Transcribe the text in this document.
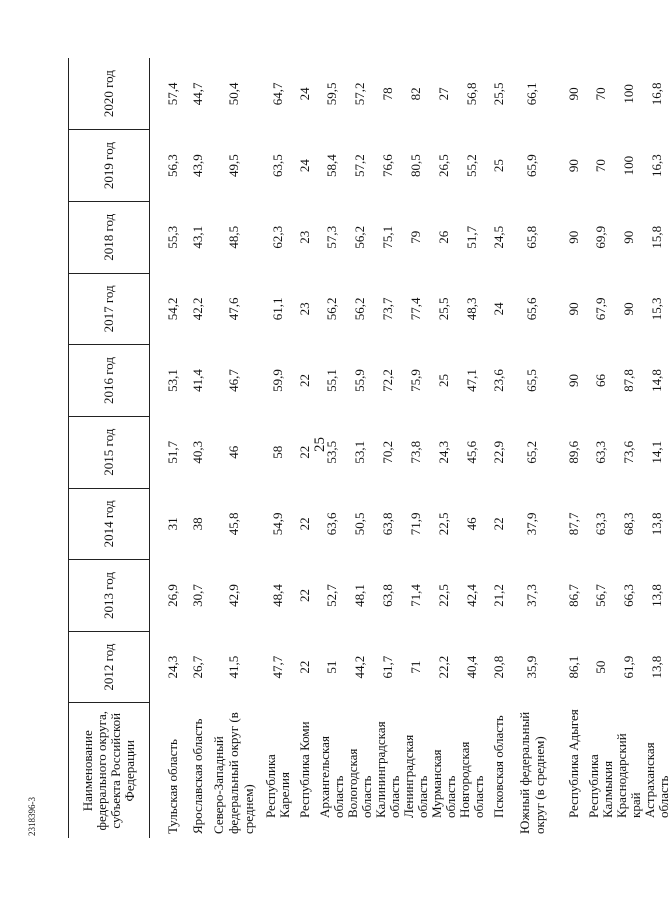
25
2318396-3
Наименование федерального округа, субъекта Российской Федерации	2012 год	2013 год	2014 год	2015 год	2016 год	2017 год	2018 год	2019 год	2020 год

Тульская область	24,3	26,9	31	51,7	53,1	54,2	55,3	56,3	57,4
Ярославская область	26,7	30,7	38	40,3	41,4	42,2	43,1	43,9	44,7
Северо-Западный федеральный округ (в среднем)	41,5	42,9	45,8	46	46,7	47,6	48,5	49,5	50,4
Республика Карелия	47,7	48,4	54,9	58	59,9	61,1	62,3	63,5	64,7
Республика Коми	22	22	22	22	22	23	23	24	24
Архангельская область	51	52,7	63,6	53,5	55,1	56,2	57,3	58,4	59,5
Вологодская область	44,2	48,1	50,5	53,1	55,9	56,2	56,2	57,2	57,2
Калининградская область	61,7	63,8	63,8	70,2	72,2	73,7	75,1	76,6	78
Ленинградская область	71	71,4	71,9	73,8	75,9	77,4	79	80,5	82
Мурманская область	22,2	22,5	22,5	24,3	25	25,5	26	26,5	27
Новгородская область	40,4	42,4	46	45,6	47,1	48,3	51,7	55,2	56,8
Псковская область	20,8	21,2	22	22,9	23,6	24	24,5	25	25,5
Южный федеральный округ (в среднем)	35,9	37,3	37,9	65,2	65,5	65,6	65,8	65,9	66,1
Республика Адыгея	86,1	86,7	87,7	89,6	90	90	90	90	90
Республика Калмыкия	50	56,7	63,3	63,3	66	67,9	69,9	70	70
Краснодарский край	61,9	66,3	68,3	73,6	87,8	90	90	100	100
Астраханская область	13,8	13,8	13,8	14,1	14,8	15,3	15,8	16,3	16,8
